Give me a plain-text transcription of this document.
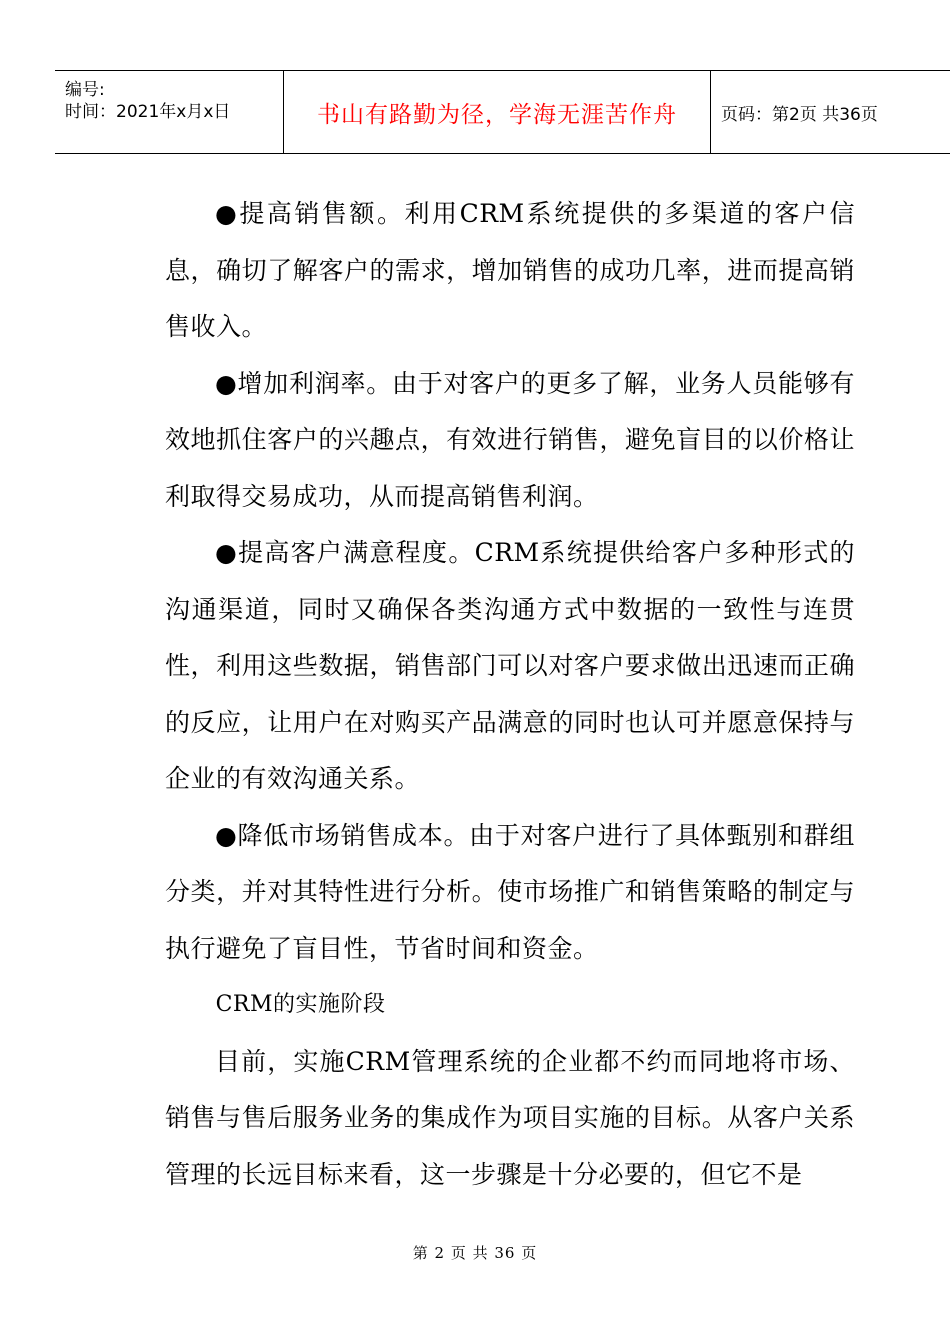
编号:
时间：2021年x月x日	书山有路勤为径，学海无涯苦作舟	页码：第2页 共36页

●提高销售额。利用CRM系统提供的多渠道的客户信息，确切了解客户的需求，增加销售的成功几率，进而提高销售收入。

●增加利润率。由于对客户的更多了解，业务人员能够有效地抓住客户的兴趣点，有效进行销售，避免盲目的以价格让利取得交易成功，从而提高销售利润。

●提高客户满意程度。CRM系统提供给客户多种形式的沟通渠道，同时又确保各类沟通方式中数据的一致性与连贯性，利用这些数据，销售部门可以对客户要求做出迅速而正确的反应，让用户在对购买产品满意的同时也认可并愿意保持与企业的有效沟通关系。

●降低市场销售成本。由于对客户进行了具体甄别和群组分类，并对其特性进行分析。使市场推广和销售策略的制定与执行避免了盲目性，节省时间和资金。

CRM的实施阶段

目前，实施CRM管理系统的企业都不约而同地将市场、销售与售后服务业务的集成作为项目实施的目标。从客户关系管理的长远目标来看，这一步骤是十分必要的，但它不是

第 2 页 共 36 页
